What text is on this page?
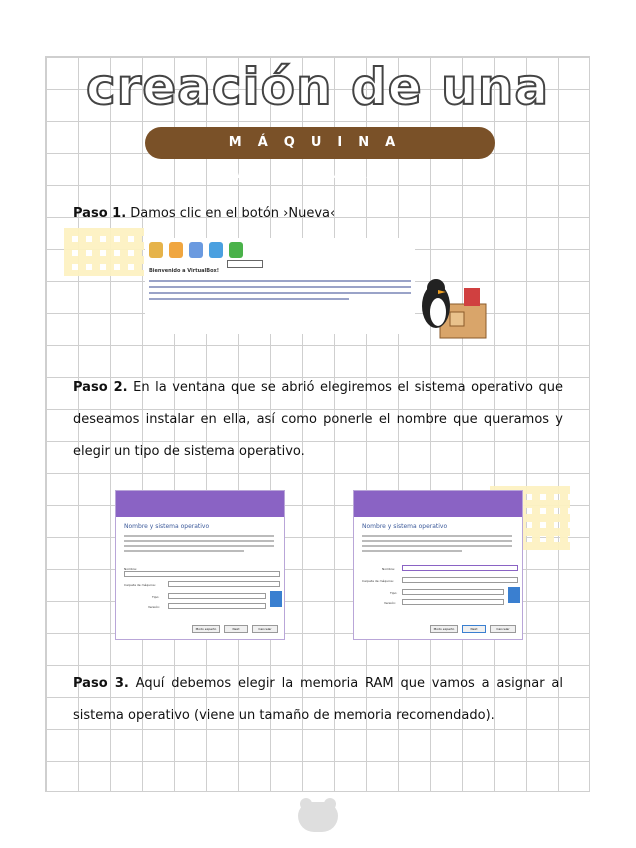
creación de una
MÁQUINA VIRTUAL
Paso 1. Damos clic en el botón ›Nueva‹
Bienvenido a VirtualBox!
Paso 2. En la ventana que se abrió elegiremos el sistema operativo que deseamos instalar en ella, así como ponerle el nombre que queramos y elegir un tipo de sistema operativo.
Nombre y sistema operativo
Nombre:
Carpeta de máquina:
Tipo:
Versión:
Modo experto	Next	Cancelar
Nombre y sistema operativo
Nombre:
Carpeta de máquina:
Tipo:
Versión:
Modo experto	Next	Cancelar
Paso 3. Aquí debemos elegir la memoria RAM que vamos a asignar al sistema operativo (viene un tamaño de memoria recomendado).
